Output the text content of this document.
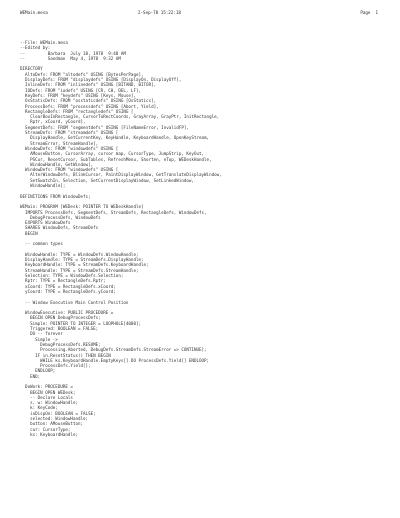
WEMain.mesa

	2-Sep-78 15:22:18

	Page 1

--File: WEMain.mesa
--Edited by:
--         Barbara  July 18, 1978  9:48 AM
--         Sandman  May 4, 1978  9:32 AM

DIRECTORY
AltoDefs: FROM "altodefs" USING [BytesPerPage],
DisplayDefs: FROM "displaydefs" USING [DisplayOn, DisplayOff],
InlineDefs: FROM "inlinedefs" USING [BITAND, BITOR],
IODefs: FROM "iodefs" USING [CR, CH, DEL, LF],
KeyDefs: FROM "keydefs" USING [Keys, Mouse],
OsStaticDefs: FROM "osstaticdefs" USING [OsStatics],
ProcessDefs: FROM "processdefs" USING [Abort, Yield],
RectangleDefs: FROM "rectangledefs" USING [
ClearBoxInRectangle, CursorToRectCoords, GrayArray, GrayPtr, InitRectangle,
Rptr, xCoord, yCoord],
SegmentDefs: FROM "segmentdefs" USING [FileNameError, InvalidFP],
StreamDefs: FROM "streamdefs" USING [
DisplayHandle, GetCurrentKey, KeyHandle, KeyboardHandle, OpenKeyStream,
StreamError, StreamHandle],
WindowDefs: FROM "windowdefs" USING [
AMouseButton, CursorArray, cursor map, CursorType, JumpStrip, KeyOut,
PSCur, ResetCursor, SubTables, RefreshMenu, Shorten, eTop, WEDeskHandle,
WindowHandle, GetWindow],
WindowDefs: FROM "windowdefs" USING [
AlterWindowDefs, BlinkCursor, PaintDisplayWindow, GetTranslateDisplayWindow,
SetSwatchIn, Selection, SetCurrentDisplayWindow, SetLinkedWindow,
WindowHandle];

DEFINITIONS FROM WindowDefs;

WEMain: PROGRAM [WEDesk: POINTER TO WEDeskHandle]
IMPORTS ProcessDefs, SegmentDefs, StreamDefs, RectangleDefs, WindowDefs,
DebugProcessDefs, WindowDefs
EXPORTS WindowDefs
SHARES WindowDefs, StreamDefs
BEGIN

-- common types

WindowHandle: TYPE = WindowDefs.WindowHandle;
DisplayHandle: TYPE = StreamDefs.DisplayHandle;
KeyboardHandle: TYPE = StreamDefs.KeyboardHandle;
StreamHandle: TYPE = StreamDefs.StreamHandle;
Selection: TYPE = WindowDefs.Selection;
Rptr: TYPE = RectangleDefs.Rptr;
xCoord: TYPE = RectangleDefs.xCoord;
yCoord: TYPE = RectangleDefs.yCoord;

-- Window Executive Main Control Position

WindowExecutive: PUBLIC PROCEDURE =
BEGIN OPEN DebugProcessDefs;
Simple: POINTER TO INTEGER = LOOPHOLE[4000];
Triggered: BOOLEAN = FALSE;
DO -- forever
Simple ->
DebugProcessDefs.RESUME;
Processing.Aborted, DebugDefs.StreamDefs.StreamError => CONTINUE];
IF in.ResetStatus() THEN BEGIN
WHILE ks.KeyboardHandle.EmptyKeys[] DO ProcessDefs.Yield[] ENDLOOP;
ProcessDefs.Yield[];
ENDLOOP;
END;

DoWork: PROCEDURE =
BEGIN OPEN WEDesk;
-- Declare Locals
s, w: WindowHandle;
k: KeyCode;
inDispOn: BOOLEAN = FALSE;
selected: WindowHandle;
button: AMouseButton;
cur: CursorType;
ks: KeyboardHandle;
